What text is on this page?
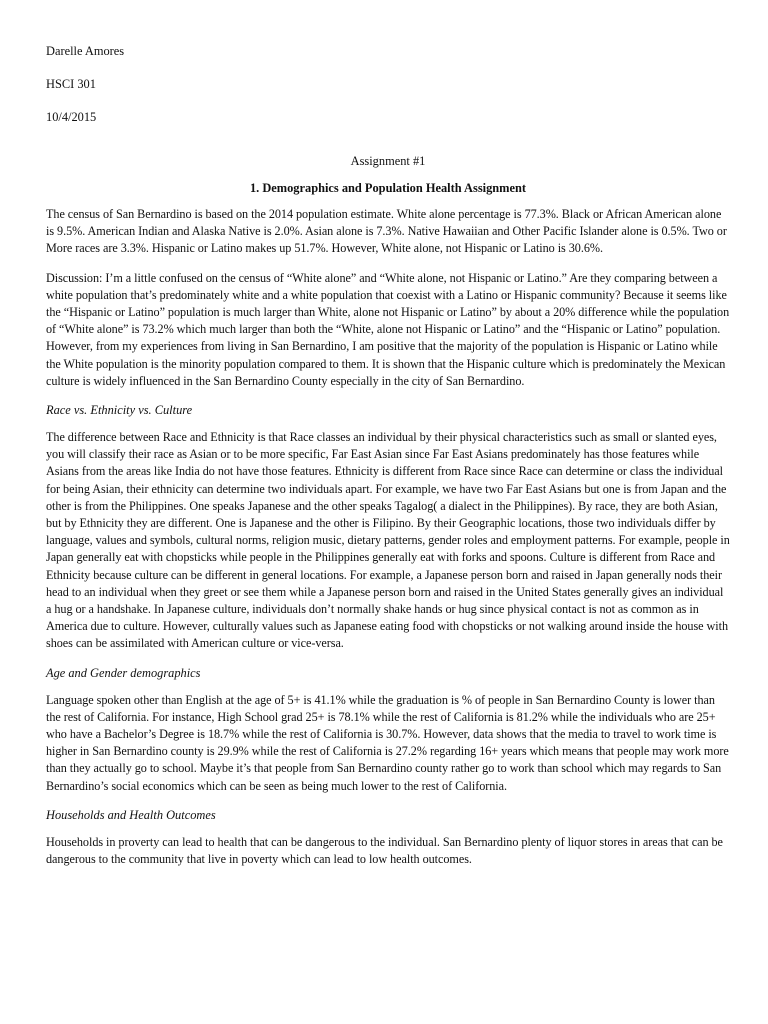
Darelle Amores
HSCI 301
10/4/2015
Assignment #1
1. Demographics and Population Health Assignment

The census of San Bernardino is based on the 2014 population estimate. White alone percentage is 77.3%. Black or African American alone is 9.5%. American Indian and Alaska Native is 2.0%. Asian alone is 7.3%. Native Hawaiian and Other Pacific Islander alone is 0.5%. Two or More races are 3.3%. Hispanic or Latino makes up 51.7%. However, White alone, not Hispanic or Latino is 30.6%.

Discussion: I’m a little confused on the census of “White alone” and “White alone, not Hispanic or Latino.” Are they comparing between a white population that’s predominately white and a white population that coexist with a Latino or Hispanic community? Because it seems like the “Hispanic or Latino” population is much larger than White, alone not Hispanic or Latino” by about a 20% difference while the population of “White alone” is 73.2% which much larger than both the “White, alone not Hispanic or Latino” and the “Hispanic or Latino” population. However, from my experiences from living in San Bernardino, I am positive that the majority of the population is Hispanic or Latino while the White population is the minority population compared to them. It is shown that the Hispanic culture which is predominately the Mexican culture is widely influenced in the San Bernardino County especially in the city of San Bernardino.

Race vs. Ethnicity vs. Culture

The difference between Race and Ethnicity is that Race classes an individual by their physical characteristics such as small or slanted eyes, you will classify their race as Asian or to be more specific, Far East Asian since Far East Asians predominately has those features while Asians from the areas like India do not have those features. Ethnicity is different from Race since Race can determine or class the individual for being Asian, their ethnicity can determine two individuals apart. For example, we have two Far East Asians but one is from Japan and the other is from the Philippines. One speaks Japanese and the other speaks Tagalog( a dialect in the Philippines). By race, they are both Asian, but by Ethnicity they are different. One is Japanese and the other is Filipino. By their Geographic locations, those two individuals differ by language, values and symbols, cultural norms, religion music, dietary patterns, gender roles and employment patterns. For example, people in Japan generally eat with chopsticks while people in the Philippines generally eat with forks and spoons. Culture is different from Race and Ethnicity because culture can be different in general locations. For example, a Japanese person born and raised in Japan generally nods their head to an individual when they greet or see them while a Japanese person born and raised in the United States generally gives an individual a hug or a handshake. In Japanese culture, individuals don’t normally shake hands or hug since physical contact is not as common as in America due to culture. However, culturally values such as Japanese eating food with chopsticks or not walking around inside the house with shoes can be assimilated with American culture or vice-versa.

Age and Gender demographics

Language spoken other than English at the age of 5+ is 41.1% while the graduation is % of people in San Bernardino County is lower than the rest of California. For instance, High School grad 25+ is 78.1% while the rest of California is 81.2% while the individuals who are 25+ who have a Bachelor’s Degree is 18.7% while the rest of California is 30.7%. However, data shows that the media to travel to work time is higher in San Bernardino county is 29.9% while the rest of California is 27.2% regarding 16+ years which means that people may work more than they actually go to school. Maybe it’s that people from San Bernardino county rather go to work than school which may regards to San Bernardino’s social economics which can be seen as being much lower to the rest of California.

Households and Health Outcomes

Households in proverty can lead to health that can be dangerous to the individual. San Bernardino plenty of liquor stores in areas that can be dangerous to the community that live in poverty which can lead to low health outcomes.
